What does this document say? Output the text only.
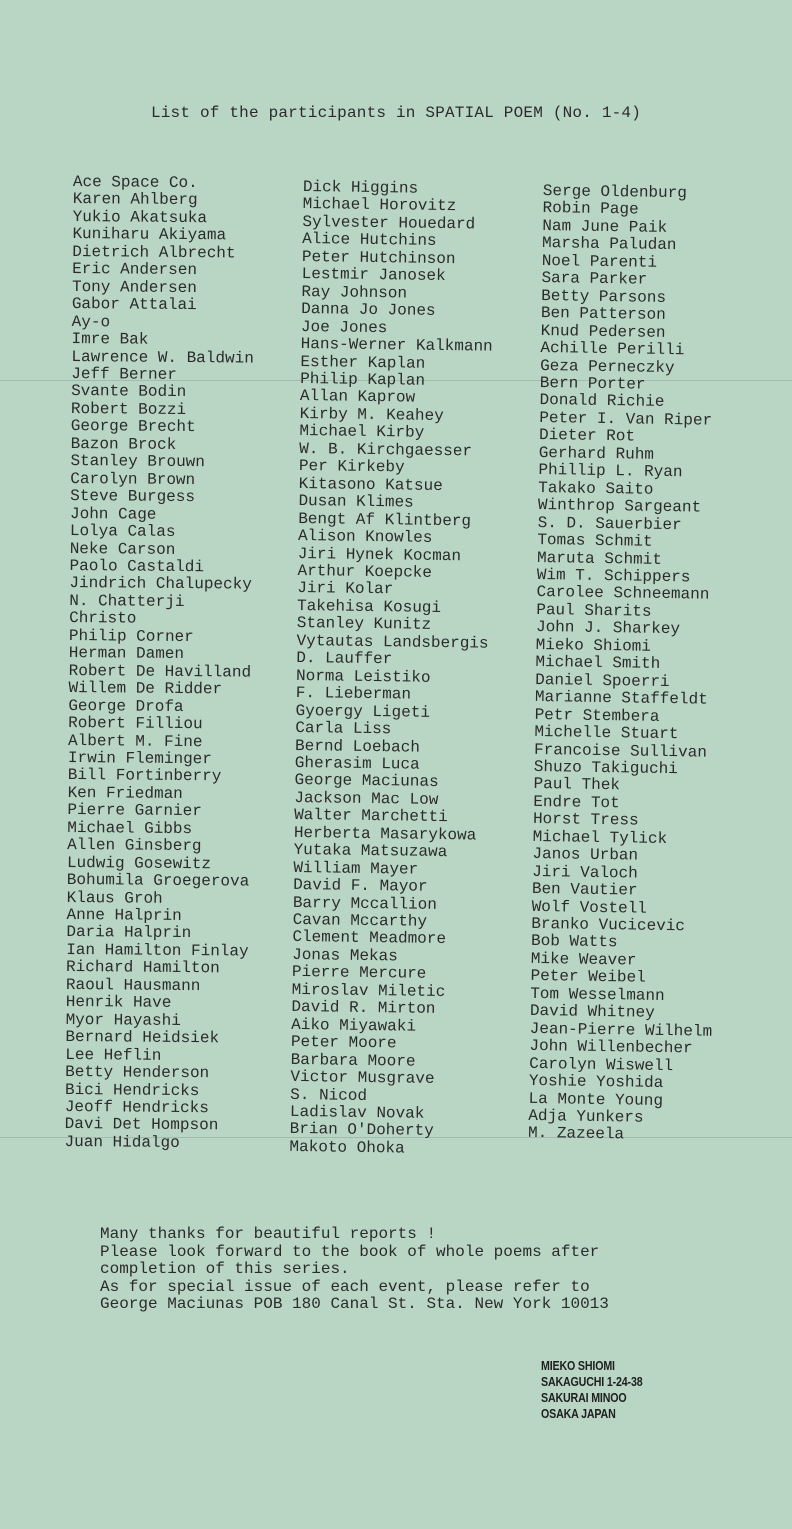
List of the participants in SPATIAL POEM (No. 1-4)
Ace Space Co.
Karen Ahlberg
Yukio Akatsuka
Kuniharu Akiyama
Dietrich Albrecht
Eric Andersen
Tony Andersen
Gabor Attalai
Ay-o
Imre Bak
Lawrence W. Baldwin
Jeff Berner
Svante Bodin
Robert Bozzi
George Brecht
Bazon Brock
Stanley Brouwn
Carolyn Brown
Steve Burgess
John Cage
Lolya Calas
Neke Carson
Paolo Castaldi
Jindrich Chalupecky
N. Chatterji
Christo
Philip Corner
Herman Damen
Robert De Havilland
Willem De Ridder
George Drofa
Robert Filliou
Albert M. Fine
Irwin Fleminger
Bill Fortinberry
Ken Friedman
Pierre Garnier
Michael Gibbs
Allen Ginsberg
Ludwig Gosewitz
Bohumila Groegerova
Klaus Groh
Anne Halprin
Daria Halprin
Ian Hamilton Finlay
Richard Hamilton
Raoul Hausmann
Henrik Have
Myor Hayashi
Bernard Heidsiek
Lee Heflin
Betty Henderson
Bici Hendricks
Jeoff Hendricks
Davi Det Hompson
Juan Hidalgo
Dick Higgins
Michael Horovitz
Sylvester Houedard
Alice Hutchins
Peter Hutchinson
Lestmir Janosek
Ray Johnson
Danna Jo Jones
Joe Jones
Hans-Werner Kalkmann
Esther Kaplan
Philip Kaplan
Allan Kaprow
Kirby M. Keahey
Michael Kirby
W. B. Kirchgaesser
Per Kirkeby
Kitasono Katsue
Dusan Klimes
Bengt Af Klintberg
Alison Knowles
Jiri Hynek Kocman
Arthur Koepcke
Jiri Kolar
Takehisa Kosugi
Stanley Kunitz
Vytautas Landsbergis
D. Lauffer
Norma Leistiko
F. Lieberman
Gyoergy Ligeti
Carla Liss
Bernd Loebach
Gherasim Luca
George Maciunas
Jackson Mac Low
Walter Marchetti
Herberta Masarykowa
Yutaka Matsuzawa
William Mayer
David F. Mayor
Barry Mccallion
Cavan Mccarthy
Clement Meadmore
Jonas Mekas
Pierre Mercure
Miroslav Miletic
David R. Mirton
Aiko Miyawaki
Peter Moore
Barbara Moore
Victor Musgrave
S. Nicod
Ladislav Novak
Brian O'Doherty
Makoto Ohoka
Serge Oldenburg
Robin Page
Nam June Paik
Marsha Paludan
Noel Parenti
Sara Parker
Betty Parsons
Ben Patterson
Knud Pedersen
Achille Perilli
Geza Perneczky
Bern Porter
Donald Richie
Peter I. Van Riper
Dieter Rot
Gerhard Ruhm
Phillip L. Ryan
Takako Saito
Winthrop Sargeant
S. D. Sauerbier
Tomas Schmit
Maruta Schmit
Wim T. Schippers
Carolee Schneemann
Paul Sharits
John J. Sharkey
Mieko Shiomi
Michael Smith
Daniel Spoerri
Marianne Staffeldt
Petr Stembera
Michelle Stuart
Francoise Sullivan
Shuzo Takiguchi
Paul Thek
Endre Tot
Horst Tress
Michael Tylick
Janos Urban
Jiri Valoch
Ben Vautier
Wolf Vostell
Branko Vucicevic
Bob Watts
Mike Weaver
Peter Weibel
Tom Wesselmann
David Whitney
Jean-Pierre Wilhelm
John Willenbecher
Carolyn Wiswell
Yoshie Yoshida
La Monte Young
Adja Yunkers
M. Zazeela
Many thanks for beautiful reports !
Please look forward to the book of whole poems after
completion of this series.
As for special issue of each event, please refer to
George Maciunas POB 180 Canal St. Sta. New York 10013
MIEKO SHIOMI
SAKAGUCHI 1-24-38
SAKURAI MINOO
OSAKA JAPAN
